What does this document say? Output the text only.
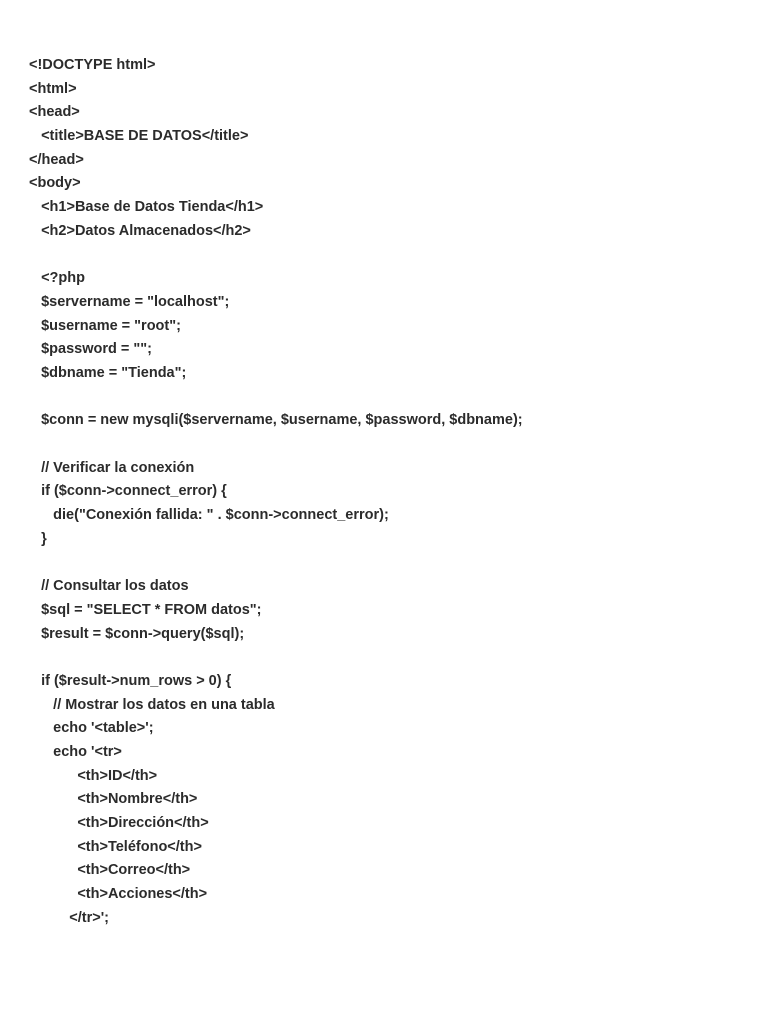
<!DOCTYPE html>
<html>
<head>
<title>BASE DE DATOS</title>
</head>
<body>
<h1>Base de Datos Tienda</h1>
<h2>Datos Almacenados</h2>
<?php
$servername = "localhost";
$username = "root";
$password = "";
$dbname = "Tienda";
$conn = new mysqli($servername, $username, $password, $dbname);
// Verificar la conexión
if ($conn->connect_error) {
die("Conexión fallida: " . $conn->connect_error);
}
// Consultar los datos
$sql = "SELECT * FROM datos";
$result = $conn->query($sql);
if ($result->num_rows > 0) {
// Mostrar los datos en una tabla
echo '<table>';
echo '<tr>
<th>ID</th>
<th>Nombre</th>
<th>Dirección</th>
<th>Teléfono</th>
<th>Correo</th>
<th>Acciones</th>
</tr>';
